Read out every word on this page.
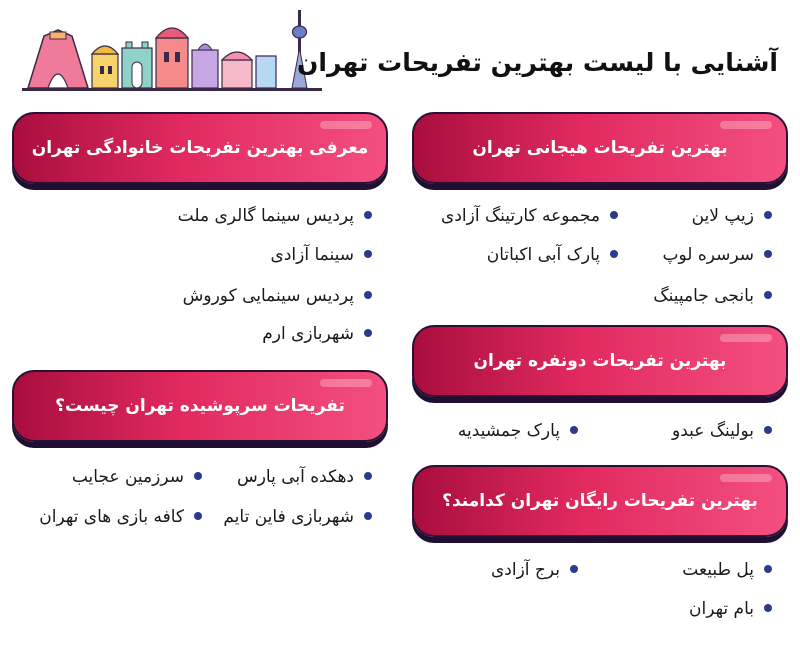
آشنایی با لیست بهترین تفریحات تهران
بهترین تفریحات هیجانی تهران
زیپ لاین
مجموعه کارتینگ آزادی
سرسره لوپ
پارک آبی اکباتان
بانجی جامپینگ
بهترین تفریحات دونفره تهران
بولینگ عبدو
پارک جمشیدیه
بهترین تفریحات رایگان تهران کدامند؟
پل طبیعت
برج آزادی
بام تهران
معرفی بهترین تفریحات خانوادگی تهران
پردیس سینما گالری ملت
سینما آزادی
پردیس سینمایی کوروش
شهربازی ارم
تفریحات سرپوشیده تهران چیست؟
دهکده آبی پارس
سرزمین عجایب
شهربازی فاین تایم
کافه بازی های تهران
